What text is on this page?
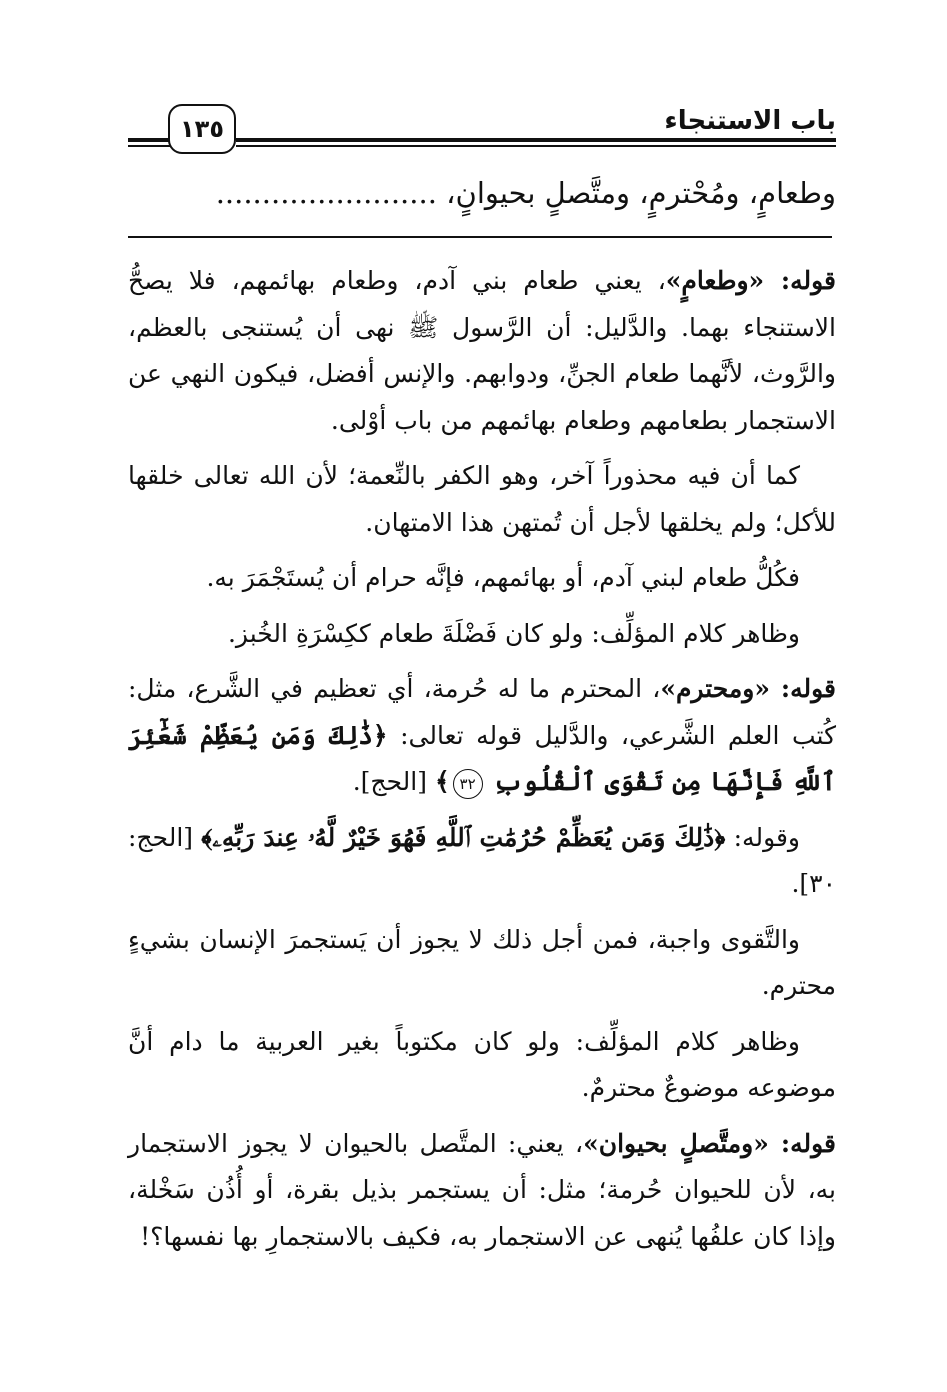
باب الاستنجاء
١٣٥
وطعامٍ، ومُحْترمٍ، ومتَّصلٍ بحيوانٍ، ........................

قوله: «وطعامٍ»، يعني طعام بني آدم، وطعام بهائمهم، فلا يصحُّ الاستنجاء بهما. والدَّليل: أن الرَّسول ﷺ نهى أن يُستنجى بالعظم، والرَّوث، لأنَّهما طعام الجنِّ، ودوابهم. والإنس أفضل، فيكون النهي عن الاستجمار بطعامهم وطعام بهائمهم من باب أوْلى.

كما أن فيه محذوراً آخر، وهو الكفر بالنِّعمة؛ لأن الله تعالى خلقها للأكل؛ ولم يخلقها لأجل أن تُمتهن هذا الامتهان.

فكُلُّ طعام لبني آدم، أو بهائمهم، فإنَّه حرام أن يُستَجْمَرَ به.

وظاهر كلام المؤلِّف: ولو كان فَضْلَةَ طعام ككِسْرَةِ الخُبز.

قوله: «ومحترم»، المحترم ما له حُرمة، أي تعظيم في الشَّرع، مثل: كُتب العلم الشَّرعي، والدَّليل قوله تعالى: ﴿ذَٰلِكَ وَمَن يُعَظِّمْ شَعَٰٓئِرَ ٱللَّهِ فَإِنَّهَا مِن تَقْوَى ٱلْقُلُوبِ ٣٢﴾ [الحج].

وقوله: ﴿ذَٰلِكَ وَمَن يُعَظِّمْ حُرُمَٰتِ ٱللَّهِ فَهُوَ خَيْرٌ لَّهُۥ عِندَ رَبِّهِۦ﴾ [الحج: ٣٠].

والتَّقوى واجبة، فمن أجل ذلك لا يجوز أن يَستجمرَ الإنسان بشيءٍ محترم.

وظاهر كلام المؤلِّف: ولو كان مكتوباً بغير العربية ما دام أنَّ موضوعه موضوعٌ محترمٌ.

قوله: «ومتَّصلٍ بحيوان»، يعني: المتَّصل بالحيوان لا يجوز الاستجمار به، لأن للحيوان حُرمة؛ مثل: أن يستجمر بذيل بقرة، أو أُذُن سَخْلة، وإذا كان علفُها يُنهى عن الاستجمار به، فكيف بالاستجمارِ بها نفسها؟!
